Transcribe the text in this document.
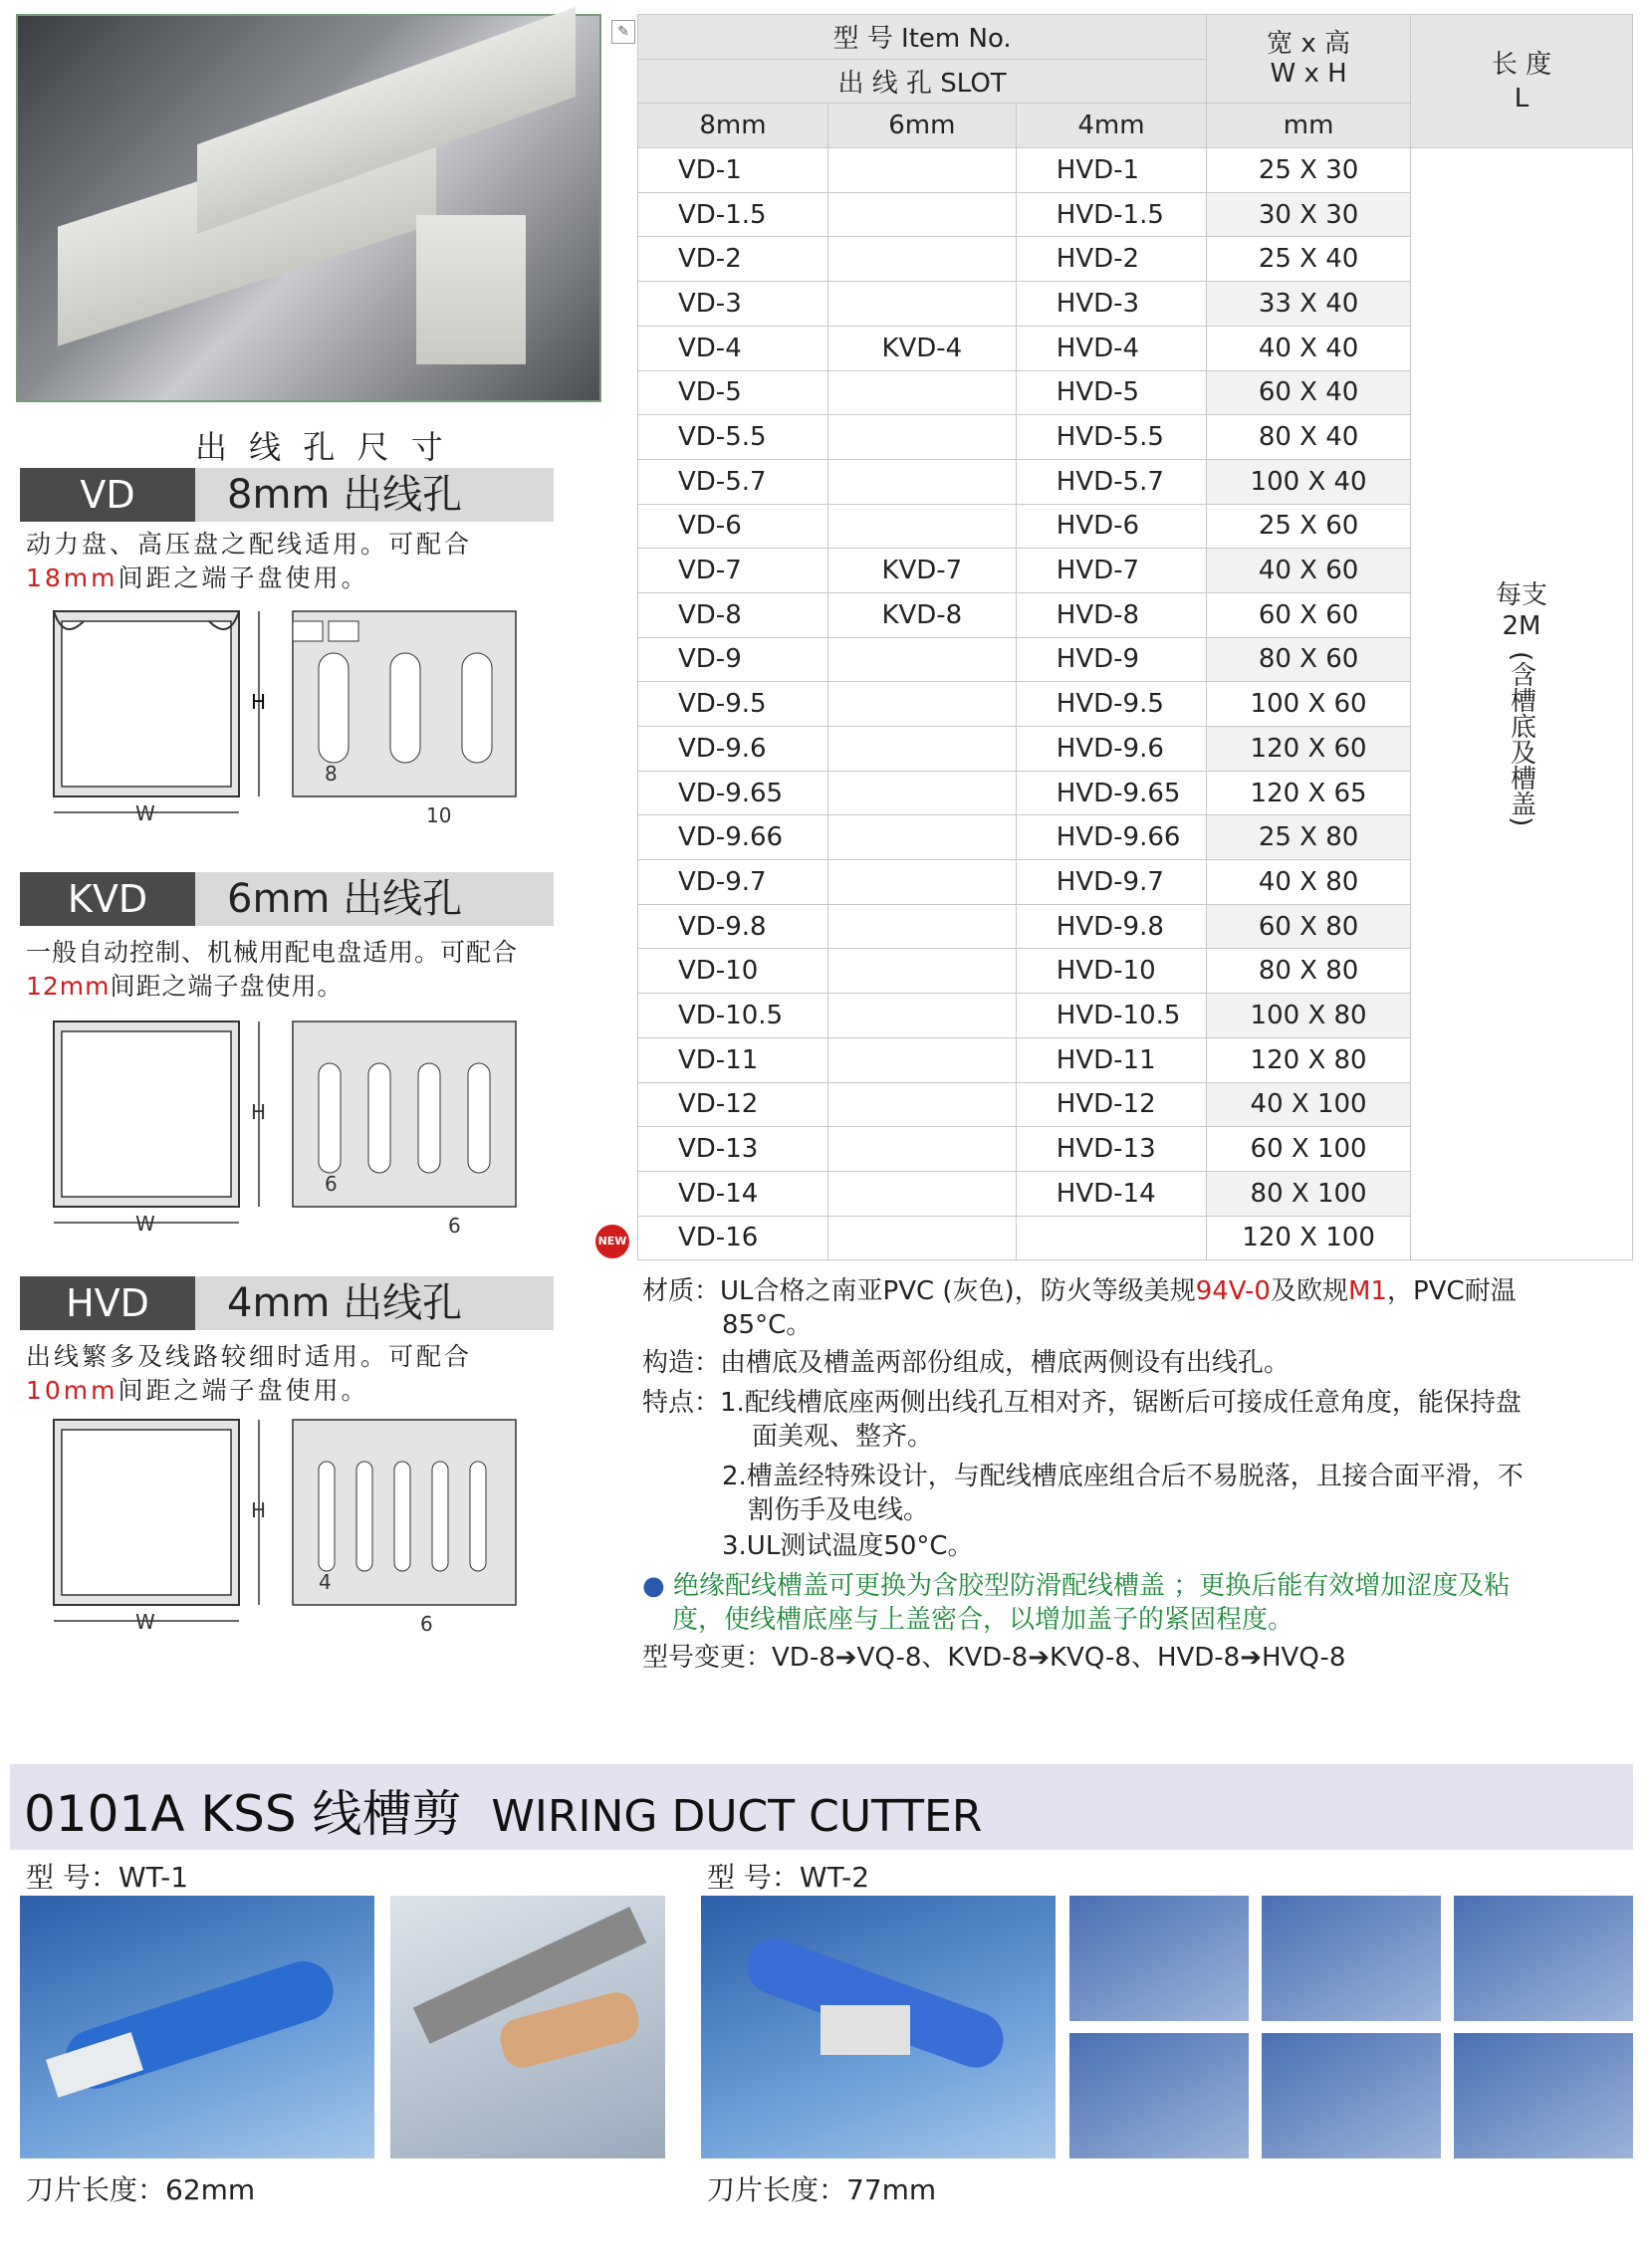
✎	型 号 Item No.			宽 x 高
W x H	长 度
L
出 线 孔 SLOT				
8mm	6mm	4mm	mm	
VD-1		HVD-1	25 X 30	每支
2M
(含槽底及槽盖)
VD-1.5		HVD-1.5	30 X 30	
VD-2		HVD-2	25 X 40	
VD-3		HVD-3	33 X 40	
VD-4	KVD-4	HVD-4	40 X 40	
VD-5		HVD-5	60 X 40	
VD-5.5		HVD-5.5	80 X 40	
VD-5.7		HVD-5.7	100 X 40	
VD-6		HVD-6	25 X 60	
VD-7	KVD-7	HVD-7	40 X 60	
VD-8	KVD-8	HVD-8	60 X 60	
VD-9		HVD-9	80 X 60	
VD-9.5		HVD-9.5	100 X 60	
VD-9.6		HVD-9.6	120 X 60	
VD-9.65		HVD-9.65	120 X 65	
VD-9.66		HVD-9.66	25 X 80	
VD-9.7		HVD-9.7	40 X 80	
VD-9.8		HVD-9.8	60 X 80	
VD-10		HVD-10	80 X 80	
VD-10.5		HVD-10.5	100 X 80	
VD-11		HVD-11	120 X 80	
VD-12		HVD-12	40 X 100	
VD-13		HVD-13	60 X 100	
VD-14		HVD-14	80 X 100	
VD-16			120 X 100	
NEW
出 线 孔 尺 寸
VD	8mm 出线孔
动力盘、高压盘之配线适用。可配合18mm间距之端子盘使用。
H
W
8
10
KVD	6mm 出线孔
一般自动控制、机械用配电盘适用。可配合12mm间距之端子盘使用。
H
W
6
6
HVD	4mm 出线孔
出线繁多及线路较细时适用。可配合10mm间距之端子盘使用。
H
W
4
6
材质：UL合格之南亚PVC (灰色)，防火等级美规94V-0及欧规M1，PVC耐温
85°C。
构造：由槽底及槽盖两部份组成，槽底两侧设有出线孔。
特点：1.配线槽底座两侧出线孔互相对齐，锯断后可接成任意角度，能保持盘
面美观、整齐。
2.槽盖经特殊设计，与配线槽底座组合后不易脱落，且接合面平滑，不
割伤手及电线。
3.UL测试温度50°C。
● 绝缘配线槽盖可更换为含胶型防滑配线槽盖 ；更换后能有效增加涩度及粘
度，使线槽底座与上盖密合，以增加盖子的紧固程度。
型号变更：VD-8➔VQ-8、KVD-8➔KVQ-8、HVD-8➔HVQ-8
0101A KSS 线槽剪 WIRING DUCT CUTTER
型 号：WT-1	型 号：WT-2
刀片长度：62mm	刀片长度：77mm
